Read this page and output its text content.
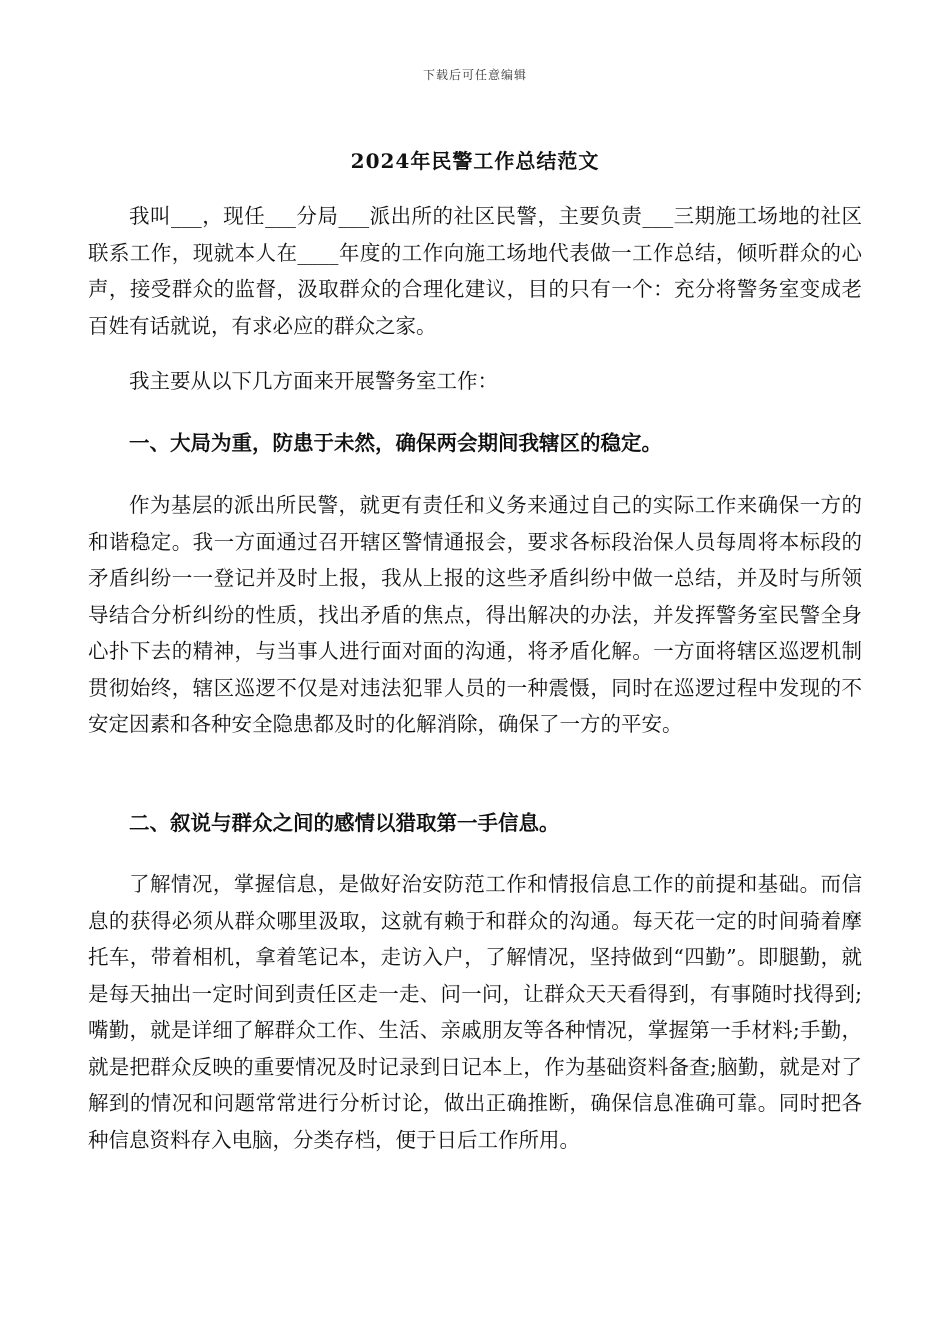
下载后可任意编辑
2024年民警工作总结范文

我叫___，现任___分局___派出所的社区民警，主要负责___三期施工场地的社区联系工作，现就本人在____年度的工作向施工场地代表做一工作总结，倾听群众的心声，接受群众的监督，汲取群众的合理化建议，目的只有一个：充分将警务室变成老百姓有话就说，有求必应的群众之家。

我主要从以下几方面来开展警务室工作：

一、大局为重，防患于未然，确保两会期间我辖区的稳定。

作为基层的派出所民警，就更有责任和义务来通过自己的实际工作来确保一方的和谐稳定。我一方面通过召开辖区警情通报会，要求各标段治保人员每周将本标段的矛盾纠纷一一登记并及时上报，我从上报的这些矛盾纠纷中做一总结，并及时与所领导结合分析纠纷的性质，找出矛盾的焦点，得出解决的办法，并发挥警务室民警全身心扑下去的精神，与当事人进行面对面的沟通，将矛盾化解。一方面将辖区巡逻机制贯彻始终，辖区巡逻不仅是对违法犯罪人员的一种震慑，同时在巡逻过程中发现的不安定因素和各种安全隐患都及时的化解消除，确保了一方的平安。

二、叙说与群众之间的感情以猎取第一手信息。

了解情况，掌握信息，是做好治安防范工作和情报信息工作的前提和基础。而信息的获得必须从群众哪里汲取，这就有赖于和群众的沟通。每天花一定的时间骑着摩托车，带着相机，拿着笔记本，走访入户，了解情况，坚持做到“四勤”。即腿勤，就是每天抽出一定时间到责任区走一走、问一问，让群众天天看得到，有事随时找得到;嘴勤，就是详细了解群众工作、生活、亲戚朋友等各种情况，掌握第一手材料;手勤，就是把群众反映的重要情况及时记录到日记本上，作为基础资料备查;脑勤，就是对了解到的情况和问题常常进行分析讨论，做出正确推断，确保信息准确可靠。同时把各种信息资料存入电脑，分类存档，便于日后工作所用。
